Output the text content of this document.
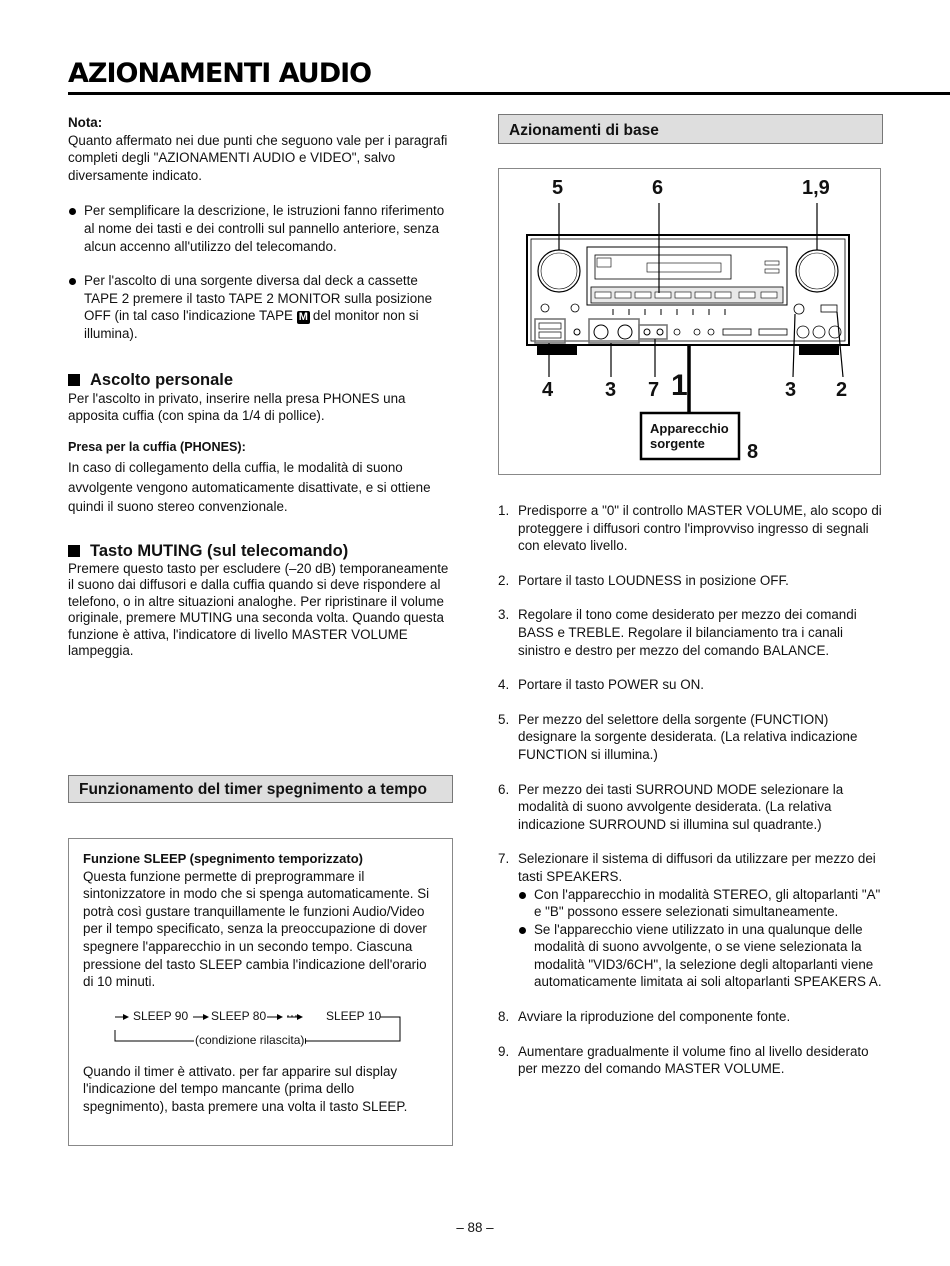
AZIONAMENTI AUDIO

Nota:

Quanto affermato nei due punti che seguono vale per i paragrafi completi degli "AZIONAMENTI AUDIO e VIDEO", salvo diversamente indicato.

Per semplificare la descrizione, le istruzioni fanno riferimento al nome dei tasti e dei controlli sul pannello anteriore, senza alcun accenno all'utilizzo del telecomando.

Per l'ascolto di una sorgente diversa dal deck a cassette TAPE 2 premere il tasto TAPE 2 MONITOR sulla posizione OFF (in tal caso l'indicazione TAPE M del monitor non si illumina).

Ascolto personale

Per l'ascolto in privato, inserire nella presa PHONES una apposita cuffia (con spina da 1/4 di pollice).

Presa per la cuffia (PHONES):

In caso di collegamento della cuffia, le modalità di suono avvolgente vengono automaticamente disattivate, e si ottiene quindi il suono stereo convenzionale.

Tasto MUTING (sul telecomando)

Premere questo tasto per escludere (–20 dB) temporaneamente il suono dai diffusori e dalla cuffia quando si deve rispondere al telefono, o in altre situazioni analoghe. Per ripristinare il volume originale, premere MUTING una seconda volta. Quando questa funzione è attiva, l'indicatore di livello MASTER VOLUME lampeggia.

Funzionamento del timer spegnimento a tempo

Funzione SLEEP (spegnimento temporizzato)

Questa funzione permette di preprogrammare il sintonizzatore in modo che si spenga automaticamente. Si potrà così gustare tranquillamente le funzioni Audio/Video per il tempo specificato, senza la preoccupazione di dover spegnere l'apparecchio in un secondo tempo. Ciascuna pressione del tasto SLEEP cambia l'indicazione dell'orario di 10 minuti.

SLEEP 90 SLEEP 80 ··· SLEEP 10
(condizione rilascita)

Quando il timer è attivato. per far apparire sul display l'indicazione del tempo mancante (prima dello spegnimento), basta premere una volta il tasto SLEEP.

Azionamenti di base
5	6	1,9
4	3 7 1	3 2
Apparecchio
sorgente 8
1. Predisporre a "0" il controllo MASTER VOLUME, alo scopo di proteggere i diffusori contro l'improvviso ingresso di segnali con elevato livello.
2. Portare il tasto LOUDNESS in posizione OFF.
3. Regolare il tono come desiderato per mezzo dei comandi BASS e TREBLE. Regolare il bilanciamento tra i canali sinistro e destro per mezzo del comando BALANCE.
4. Portare il tasto POWER su ON.
5. Per mezzo del selettore della sorgente (FUNCTION) designare la sorgente desiderata. (La relativa indicazione FUNCTION si illumina.)
6. Per mezzo dei tasti SURROUND MODE selezionare la modalità di suono avvolgente desiderata. (La relativa indicazione SURROUND si illumina sul quadrante.)
7. Selezionare il sistema di diffusori da utilizzare per mezzo dei tasti SPEAKERS.

Con l'apparecchio in modalità STEREO, gli altoparlanti "A" e "B" possono essere selezionati simultaneamente.

Se l'apparecchio viene utilizzato in una qualunque delle modalità di suono avvolgente, o se viene selezionata la modalità "VID3/6CH", la selezione degli altoparlanti viene automaticamente limitata ai soli altoparlanti SPEAKERS A.

8. Avviare la riproduzione del componente fonte.
9. Aumentare gradualmente il volume fino al livello desiderato per mezzo del comando MASTER VOLUME.
– 88 –
